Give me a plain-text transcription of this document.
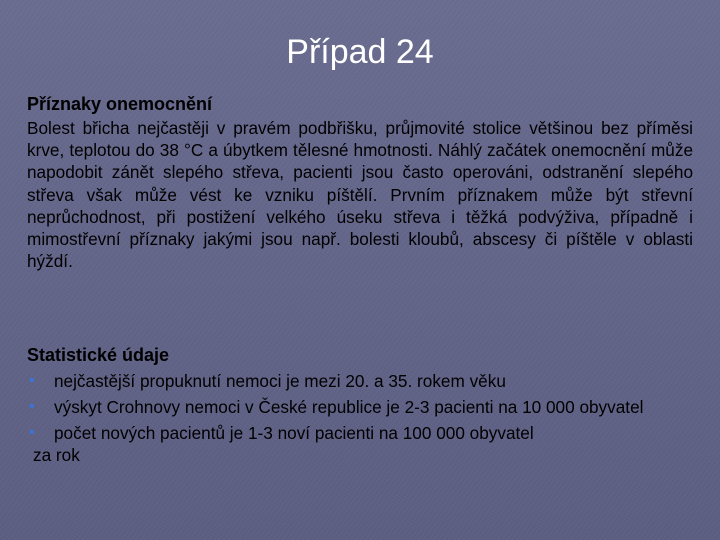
Případ 24
Příznaky onemocnění

Bolest břicha nejčastěji v pravém podbřišku, průjmovité stolice většinou bez příměsi krve, teplotou do 38 °C a úbytkem tělesné hmotnosti. Náhlý začátek onemocnění může napodobit zánět slepého střeva, pacienti jsou často operováni, odstranění slepého střeva však může vést ke vzniku píštělí. Prvním příznakem může být střevní neprůchodnost, při postižení velkého úseku střeva i těžká podvýživa, případně i mimostřevní příznaky jakými jsou např. bolesti kloubů, abscesy či píštěle v oblasti hýždí.

Statistické údaje
• nejčastější propuknutí nemoci je mezi 20. a 35. rokem věku
• výskyt Crohnovy nemoci v České republice je 2-3 pacienti na 10 000 obyvatel
• počet nových pacientů je 1-3 noví pacienti na 100 000 obyvatel
za rok
